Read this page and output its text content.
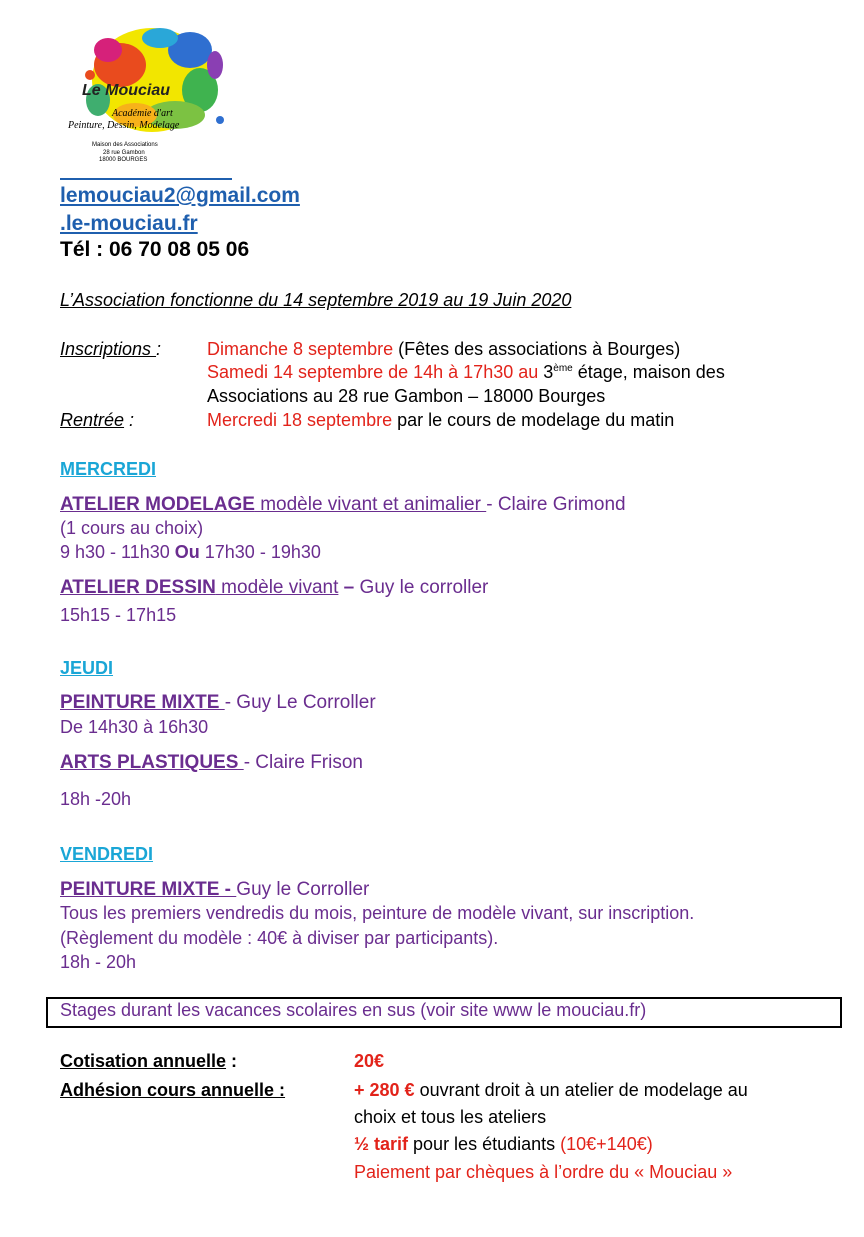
Le Mouciau
Académie d'art
Peinture, Dessin, Modelage
Maison des Associations
28 rue Gambon
18000 BOURGES
lemouciau2@gmail.com
.le-mouciau.fr
Tél : 06 70 08 05 06
L’Association fonctionne du 14 septembre 2019 au 19 Juin 2020
Inscriptions :	Dimanche 8 septembre (Fêtes des associations à Bourges)
Samedi 14 septembre de 14h à 17h30 au 3ème étage, maison des
Associations au 28 rue Gambon – 18000 Bourges
Rentrée :	Mercredi 18 septembre par le cours de modelage du matin
MERCREDI
ATELIER MODELAGE modèle vivant et animalier - Claire Grimond
(1 cours au choix)
9 h30 - 11h30 Ou 17h30 - 19h30
ATELIER DESSIN modèle vivant – Guy le corroller
15h15 - 17h15
JEUDI
PEINTURE MIXTE - Guy Le Corroller
De 14h30 à 16h30
ARTS PLASTIQUES - Claire Frison
18h -20h
VENDREDI
PEINTURE MIXTE - Guy le Corroller
Tous les premiers vendredis du mois, peinture de modèle vivant, sur inscription.
(Règlement du modèle : 40€ à diviser par participants).
18h - 20h
Stages durant les vacances scolaires en sus (voir site www le mouciau.fr)
Cotisation annuelle :	20€
Adhésion cours annuelle :	+ 280 € ouvrant droit à un atelier de modelage au
choix et tous les ateliers
½ tarif pour les étudiants (10€+140€)
Paiement par chèques à l’ordre du « Mouciau »
